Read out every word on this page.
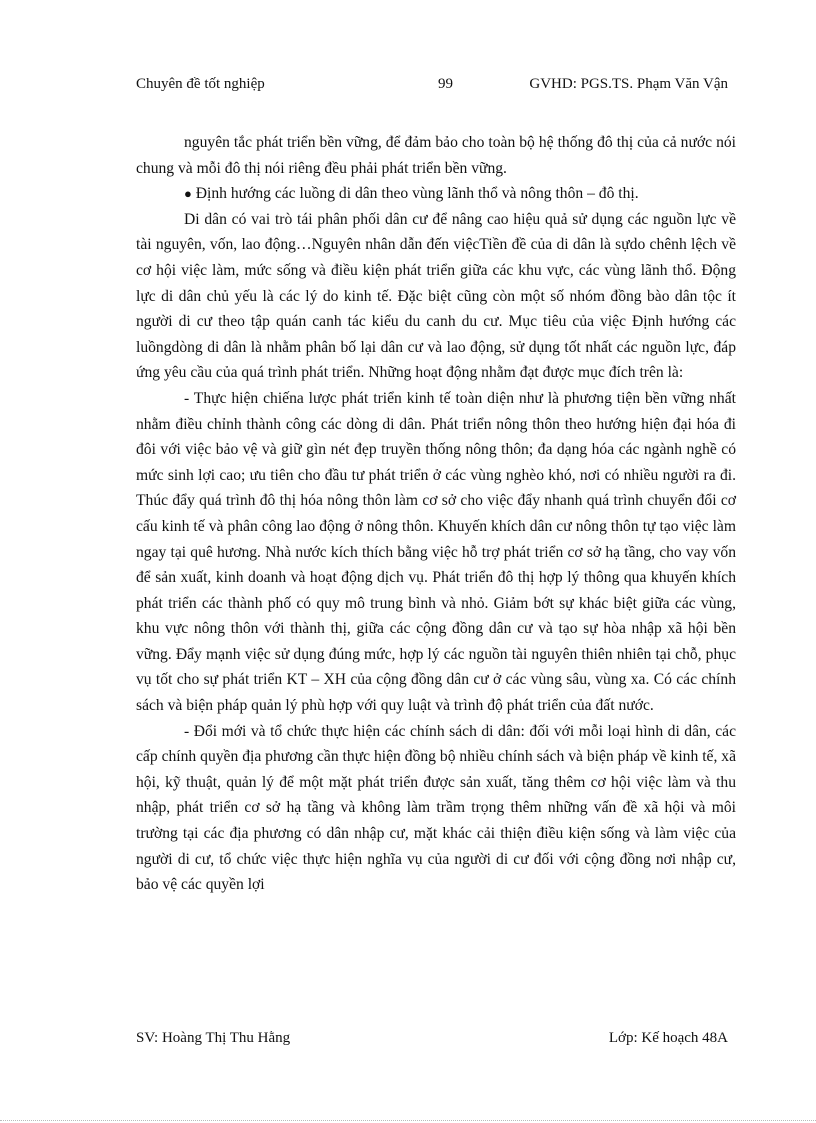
Chuyên đề tốt nghiệp	99	GVHD: PGS.TS. Phạm Văn Vận

nguyên tắc phát triển bền vững, để đảm bảo cho toàn bộ hệ thống đô thị của cả nước nói chung và mỗi đô thị nói riêng đều phải phát triển bền vững.

● Định hướng các luồng di dân theo vùng lãnh thổ và nông thôn – đô thị.

Di dân có vai trò tái phân phối dân cư để nâng cao hiệu quả sử dụng các nguồn lực về tài nguyên, vốn, lao động…Nguyên nhân dẫn đến việcTiền đề của di dân là sựdo chênh lệch về cơ hội việc làm, mức sống và điều kiện phát triển giữa các khu vực, các vùng lãnh thổ. Động lực di dân chủ yếu là các lý do kinh tế. Đặc biệt cũng còn một số nhóm đồng bào dân tộc ít người di cư theo tập quán canh tác kiểu du canh du cư. Mục tiêu của việc Định hướng các luồngdòng di dân là nhằm phân bố lại dân cư và lao động, sử dụng tốt nhất các nguồn lực, đáp ứng yêu cầu của quá trình phát triển. Những hoạt động nhằm đạt được mục đích trên là:

- Thực hiện chiếna lược phát triển kinh tế toàn diện như là phương tiện bền vững nhất nhằm điều chỉnh thành công các dòng di dân. Phát triển nông thôn theo hướng hiện đại hóa đi đôi với việc bảo vệ và giữ gìn nét đẹp truyền thống nông thôn; đa dạng hóa các ngành nghề có mức sinh lợi cao; ưu tiên cho đầu tư phát triển ở các vùng nghèo khó, nơi có nhiều người ra đi. Thúc đẩy quá trình đô thị hóa nông thôn làm cơ sở cho việc đẩy nhanh quá trình chuyển đổi cơ cấu kinh tế và phân công lao động ở nông thôn. Khuyến khích dân cư nông thôn tự tạo việc làm ngay tại quê hương. Nhà nước kích thích bằng việc hỗ trợ phát triển cơ sở hạ tầng, cho vay vốn để sản xuất, kinh doanh và hoạt động dịch vụ. Phát triển đô thị hợp lý thông qua khuyến khích phát triển các thành phố có quy mô trung bình và nhỏ. Giảm bớt sự khác biệt giữa các vùng, khu vực nông thôn với thành thị, giữa các cộng đồng dân cư và tạo sự hòa nhập xã hội bền vững. Đẩy mạnh việc sử dụng đúng mức, hợp lý các nguồn tài nguyên thiên nhiên tại chỗ, phục vụ tốt cho sự phát triển KT – XH của cộng đồng dân cư ở các vùng sâu, vùng xa. Có các chính sách và biện pháp quản lý phù hợp với quy luật và trình độ phát triển của đất nước.

- Đổi mới và tổ chức thực hiện các chính sách di dân: đối với mỗi loại hình di dân, các cấp chính quyền địa phương cần thực hiện đồng bộ nhiều chính sách và biện pháp về kinh tế, xã hội, kỹ thuật, quản lý để một mặt phát triển được sản xuất, tăng thêm cơ hội việc làm và thu nhập, phát triển cơ sở hạ tầng và không làm trầm trọng thêm những vấn đề xã hội và môi trường tại các địa phương có dân nhập cư, mặt khác cải thiện điều kiện sống và làm việc của người di cư, tổ chức việc thực hiện nghĩa vụ của người di cư đối với cộng đồng nơi nhập cư, bảo vệ các quyền lợi

SV: Hoàng Thị Thu Hằng	Lớp: Kế hoạch 48A
